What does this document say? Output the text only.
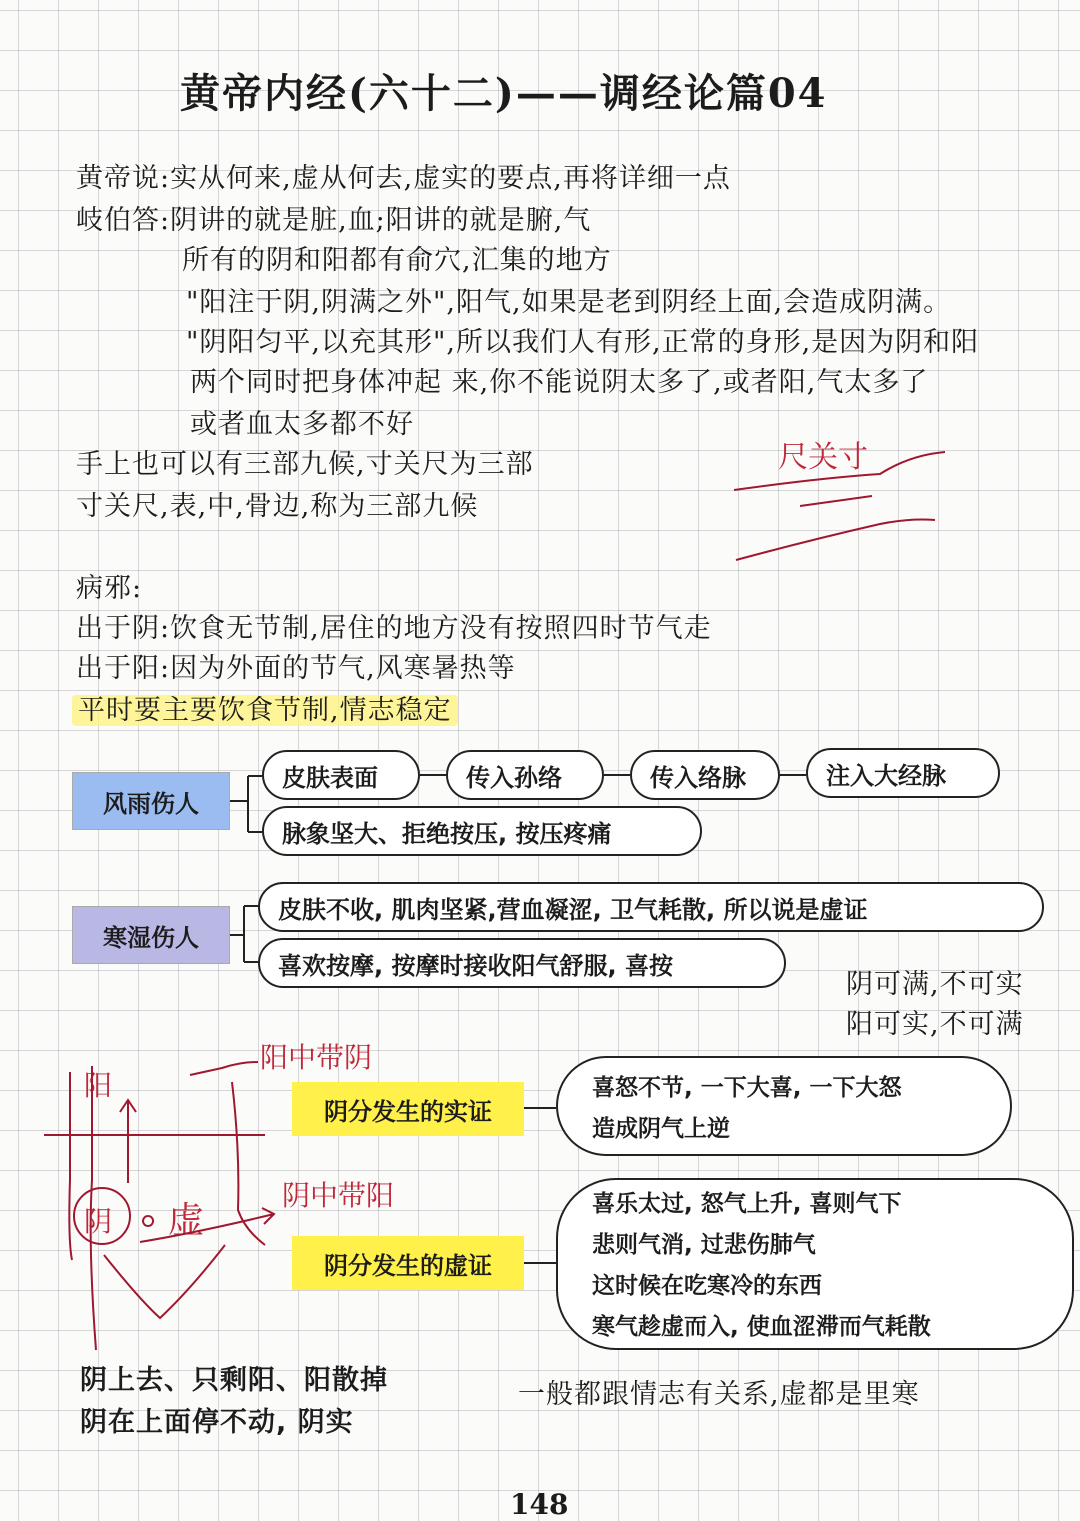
黄帝内经(六十二)——调经论篇04
黄帝说:实从何来,虚从何去,虚实的要点,再将详细一点
岐伯答:阴讲的就是脏,血;阳讲的就是腑,气
所有的阴和阳都有俞穴,汇集的地方
"阳注于阴,阴满之外",阳气,如果是老到阴经上面,会造成阴满。
"阴阳匀平,以充其形",所以我们人有形,正常的身形,是因为阴和阳
两个同时把身体冲起 来,你不能说阴太多了,或者阳,气太多了
或者血太多都不好
手上也可以有三部九候,寸关尺为三部
寸关尺,表,中,骨边,称为三部九候
尺关寸
病邪:
出于阴:饮食无节制,居住的地方没有按照四时节气走
出于阳:因为外面的节气,风寒暑热等
平时要主要饮食节制,情志稳定
风雨伤人
皮肤表面	传入孙络	传入络脉	注入大经脉
脉象坚大、拒绝按压, 按压疼痛
寒湿伤人
皮肤不收, 肌肉坚紧,营血凝涩, 卫气耗散, 所以说是虚证
喜欢按摩, 按摩时接收阳气舒服, 喜按
阴可满,不可实
阳可实,不可满
阳中带阴
阴中带阳
阳
阴 虚
阴分发生的实证
喜怒不节, 一下大喜, 一下大怒
造成阴气上逆
阴分发生的虚证
喜乐太过, 怒气上升, 喜则气下
悲则气消, 过悲伤肺气
这时候在吃寒冷的东西
寒气趁虚而入, 使血涩滞而气耗散
阴上去、只剩阳、阳散掉
阴在上面停不动, 阴实
一般都跟情志有关系,虚都是里寒
148
